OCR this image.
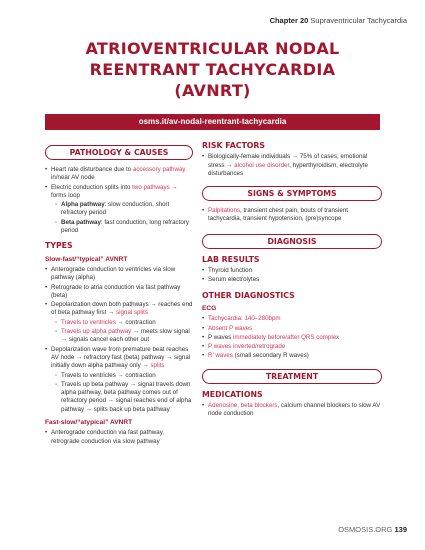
Chapter 20 Supraventricular Tachycardia
ATRIOVENTRICULAR NODAL
REENTRANT TACHYCARDIA
(AVNRT)
osms.it/av-nodal-reentrant-tachycardia
PATHOLOGY & CAUSES
• Heart rate disturbance due to accessory pathway in/near AV node
• Electric conduction splits into two pathways → forms loop
◦ Alpha pathway: slow conduction, short refractory period
◦ Beta pathway: fast conduction, long refractory period
TYPES
Slow-fast/“typical” AVNRT
• Anterograde conduction to ventricles via slow pathway (alpha)
• Retrograde to atria conduction via fast pathway (beta)
• Depolarization down both pathways → reaches end of beta pathway first → signal splits
◦ Travels to ventricles → contraction
◦ Travels up alpha pathway → meets slow signal → signals cancel each other out
• Depolarization wave from premature beat reaches AV node → refractory fast (beta) pathway → signal initially down alpha pathway only → splits
◦ Travels to ventricles → contraction
◦ Travels up beta pathway → signal travels down alpha pathway, beta pathway comes out of refractory period → signal reaches end of alpha pathway → splits back up beta pathway
Fast-slow/“atypical” AVNRT
• Anterograde conduction via fast pathway, retrograde conduction via slow pathway
RISK FACTORS
• Biologically-female individuals → 75% of cases; emotional stress → alcohol use disorder, hyperthyroidism, electrolyte disturbances
SIGNS & SYMPTOMS
• Palpitations, transient chest pain, bouts of transient tachycardia, transient hypotension, (pre)syncope
DIAGNOSIS
LAB RESULTS
• Thyroid function
• Serum electrolytes
OTHER DIAGNOSTICS
ECG
• Tachycardia: 140–280bpm
• Absent P waves
• P waves immediately before/after QRS complex
• P waves inverted/retrograde
• R’ waves (small secondary R waves)
TREATMENT
MEDICATIONS
• Adenosine, beta blockers, calcium channel blockers to slow AV node conduction
OSMOSIS.ORG 139
